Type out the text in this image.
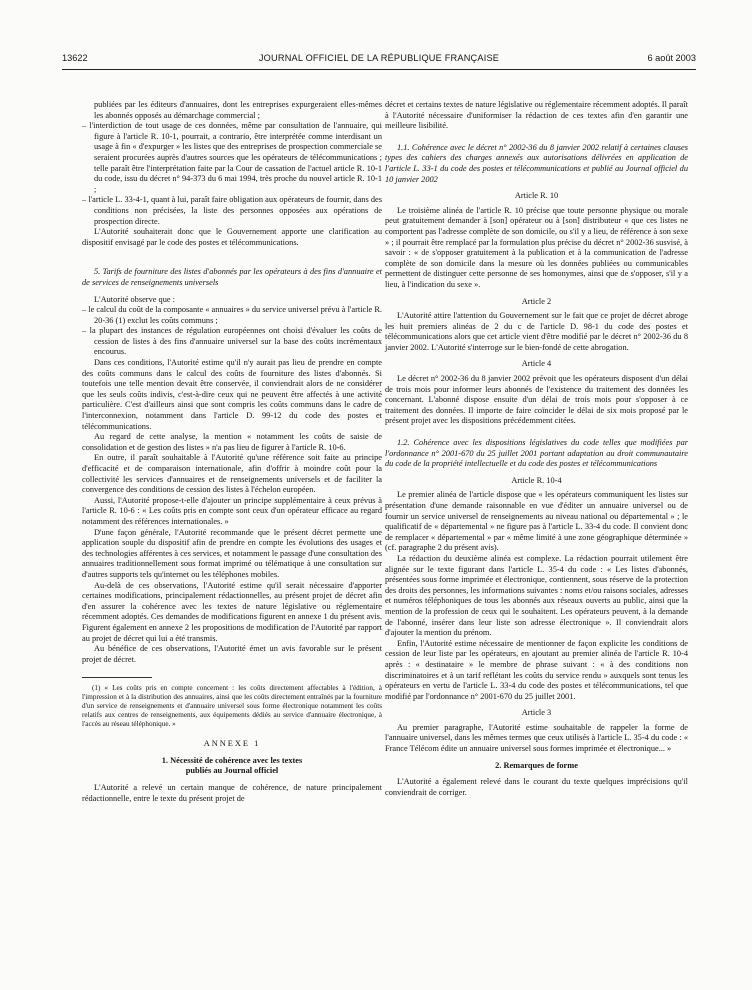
13622	JOURNAL OFFICIEL DE LA RÉPUBLIQUE FRANÇAISE	6 août 2003

publiées par les éditeurs d'annuaires, dont les entreprises expurgeraient elles-mêmes les abonnés opposés au démarchage commercial ;

– l'interdiction de tout usage de ces données, même par consultation de l'annuaire, qui figure à l'article R. 10-1, pourrait, a contrario, être interprétée comme interdisant un usage à fin « d'expurger » les listes que des entreprises de prospection commerciale se seraient procurées auprès d'autres sources que les opérateurs de télécommunications ; telle paraît être l'interprétation faite par la Cour de cassation de l'actuel article R. 10-1 du code, issu du décret n° 94-373 du 6 mai 1994, très proche du nouvel article R. 10-1 ;
– l'article L. 33-4-1, quant à lui, paraît faire obligation aux opérateurs de fournir, dans des conditions non précisées, la liste des personnes opposées aux opérations de prospection directe.

L'Autorité souhaiterait donc que le Gouvernement apporte une clarification au dispositif envisagé par le code des postes et télécommunications.

5. Tarifs de fourniture des listes d'abonnés par les opérateurs à des fins d'annuaire et de services de renseignements universels

L'Autorité observe que :

– le calcul du coût de la composante « annuaires » du service universel prévu à l'article R. 20-36 (1) exclut les coûts communs ;
– la plupart des instances de régulation européennes ont choisi d'évaluer les coûts de cession de listes à des fins d'annuaire universel sur la base des coûts incrémentaux encourus.

Dans ces conditions, l'Autorité estime qu'il n'y aurait pas lieu de prendre en compte des coûts communs dans le calcul des coûts de fourniture des listes d'abonnés. Si toutefois une telle mention devait être conservée, il conviendrait alors de ne considérer que les seuls coûts indivis, c'est-à-dire ceux qui ne peuvent être affectés à une activité particulière. C'est d'ailleurs ainsi que sont compris les coûts communs dans le cadre de l'interconnexion, notamment dans l'article D. 99-12 du code des postes et télécommunications.

Au regard de cette analyse, la mention « notamment les coûts de saisie de consolidation et de gestion des listes » n'a pas lieu de figurer à l'article R. 10-6.

En outre, il paraît souhaitable à l'Autorité qu'une référence soit faite au principe d'efficacité et de comparaison internationale, afin d'offrir à moindre coût pour la collectivité les services d'annuaires et de renseignements universels et de faciliter la convergence des conditions de cession des listes à l'échelon européen.

Aussi, l'Autorité propose-t-elle d'ajouter un principe supplémentaire à ceux prévus à l'article R. 10-6 : « Les coûts pris en compte sont ceux d'un opérateur efficace au regard notamment des références internationales. »

D'une façon générale, l'Autorité recommande que le présent décret permette une application souple du dispositif afin de prendre en compte les évolutions des usages et des technologies afférentes à ces services, et notamment le passage d'une consultation des annuaires traditionnellement sous format imprimé ou télématique à une consultation sur d'autres supports tels qu'internet ou les téléphones mobiles.

Au-delà de ces observations, l'Autorité estime qu'il serait nécessaire d'apporter certaines modifications, principalement rédactionnelles, au présent projet de décret afin d'en assurer la cohérence avec les textes de nature législative ou réglementaire récemment adoptés. Ces demandes de modifications figurent en annexe 1 du présent avis. Figurent également en annexe 2 les propositions de modification de l'Autorité par rapport au projet de décret qui lui a été transmis.

Au bénéfice de ces observations, l'Autorité émet un avis favorable sur le présent projet de décret.

(1) « Les coûts pris en compte concernent : les coûts directement affectables à l'édition, à l'impression et à la distribution des annuaires, ainsi que les coûts directement entraînés par la fourniture d'un service de renseignements et d'annuaire universel sous forme électronique notamment les coûts relatifs aux centres de renseignements, aux équipements dédiés au service d'annuaire électronique, à l'accès au réseau téléphonique. »

ANNEXE 1

1. Nécessité de cohérence avec les textes

publiés au Journal officiel

L'Autorité a relevé un certain manque de cohérence, de nature principalement rédactionnelle, entre le texte du présent projet de

décret et certains textes de nature législative ou réglementaire récemment adoptés. Il paraît à l'Autorité nécessaire d'uniformiser la rédaction de ces textes afin d'en garantir une meilleure lisibilité.

1.1. Cohérence avec le décret n° 2002-36 du 8 janvier 2002 relatif à certaines clauses types des cahiers des charges annexés aux autorisations délivrées en application de l'article L. 33-1 du code des postes et télécommunications et publié au Journal officiel du 10 janvier 2002

Article R. 10

Le troisième alinéa de l'article R. 10 précise que toute personne physique ou morale peut gratuitement demander à [son] opérateur ou à [son] distributeur « que ces listes ne comportent pas l'adresse complète de son domicile, ou s'il y a lieu, de référence à son sexe » ; il pourrait être remplacé par la formulation plus précise du décret n° 2002-36 susvisé, à savoir : « de s'opposer gratuitement à la publication et à la communication de l'adresse complète de son domicile dans la mesure où les données publiées ou communicables permettent de distinguer cette personne de ses homonymes, ainsi que de s'opposer, s'il y a lieu, à l'indication du sexe ».

Article 2

L'Autorité attire l'attention du Gouvernement sur le fait que ce projet de décret abroge les huit premiers alinéas de 2 du c de l'article D. 98-1 du code des postes et télécommunications alors que cet article vient d'être modifié par le décret n° 2002-36 du 8 janvier 2002. L'Autorité s'interroge sur le bien-fondé de cette abrogation.

Article 4

Le décret n° 2002-36 du 8 janvier 2002 prévoit que les opérateurs disposent d'un délai de trois mois pour informer leurs abonnés de l'existence du traitement des données les concernant. L'abonné dispose ensuite d'un délai de trois mois pour s'opposer à ce traitement des données. Il importe de faire coïncider le délai de six mois proposé par le présent projet avec les dispositions précédemment citées.

1.2. Cohérence avec les dispositions législatives du code telles que modifiées par l'ordonnance n° 2001-670 du 25 juillet 2001 portant adaptation au droit communautaire du code de la propriété intellectuelle et du code des postes et télécommunications

Article R. 10-4

Le premier alinéa de l'article dispose que « les opérateurs communiquent les listes sur présentation d'une demande raisonnable en vue d'éditer un annuaire universel ou de fournir un service universel de renseignements au niveau national ou départemental » ; le qualificatif de « départemental » ne figure pas à l'article L. 33-4 du code. Il convient donc de remplacer « départemental » par « même limité à une zone géographique déterminée » (cf. paragraphe 2 du présent avis).

La rédaction du deuxième alinéa est complexe. La rédaction pourrait utilement être alignée sur le texte figurant dans l'article L. 35-4 du code : « Les listes d'abonnés, présentées sous forme imprimée et électronique, contiennent, sous réserve de la protection des droits des personnes, les informations suivantes : noms et/ou raisons sociales, adresses et numéros téléphoniques de tous les abonnés aux réseaux ouverts au public, ainsi que la mention de la profession de ceux qui le souhaitent. Les opérateurs peuvent, à la demande de l'abonné, insérer dans leur liste son adresse électronique ». Il conviendrait alors d'ajouter la mention du prénom.

Enfin, l'Autorité estime nécessaire de mentionner de façon explicite les conditions de cession de leur liste par les opérateurs, en ajoutant au premier alinéa de l'article R. 10-4 après : « destinataire » le membre de phrase suivant : « à des conditions non discriminatoires et à un tarif reflétant les coûts du service rendu » auxquels sont tenus les opérateurs en vertu de l'article L. 33-4 du code des postes et télécommunications, tel que modifié par l'ordonnance n° 2001-670 du 25 juillet 2001.

Article 3

Au premier paragraphe, l'Autorité estime souhaitable de rappeler la forme de l'annuaire universel, dans les mêmes termes que ceux utilisés à l'article L. 35-4 du code : « France Télécom édite un annuaire universel sous formes imprimée et électronique... »

2. Remarques de forme

L'Autorité a également relevé dans le courant du texte quelques imprécisions qu'il conviendrait de corriger.
